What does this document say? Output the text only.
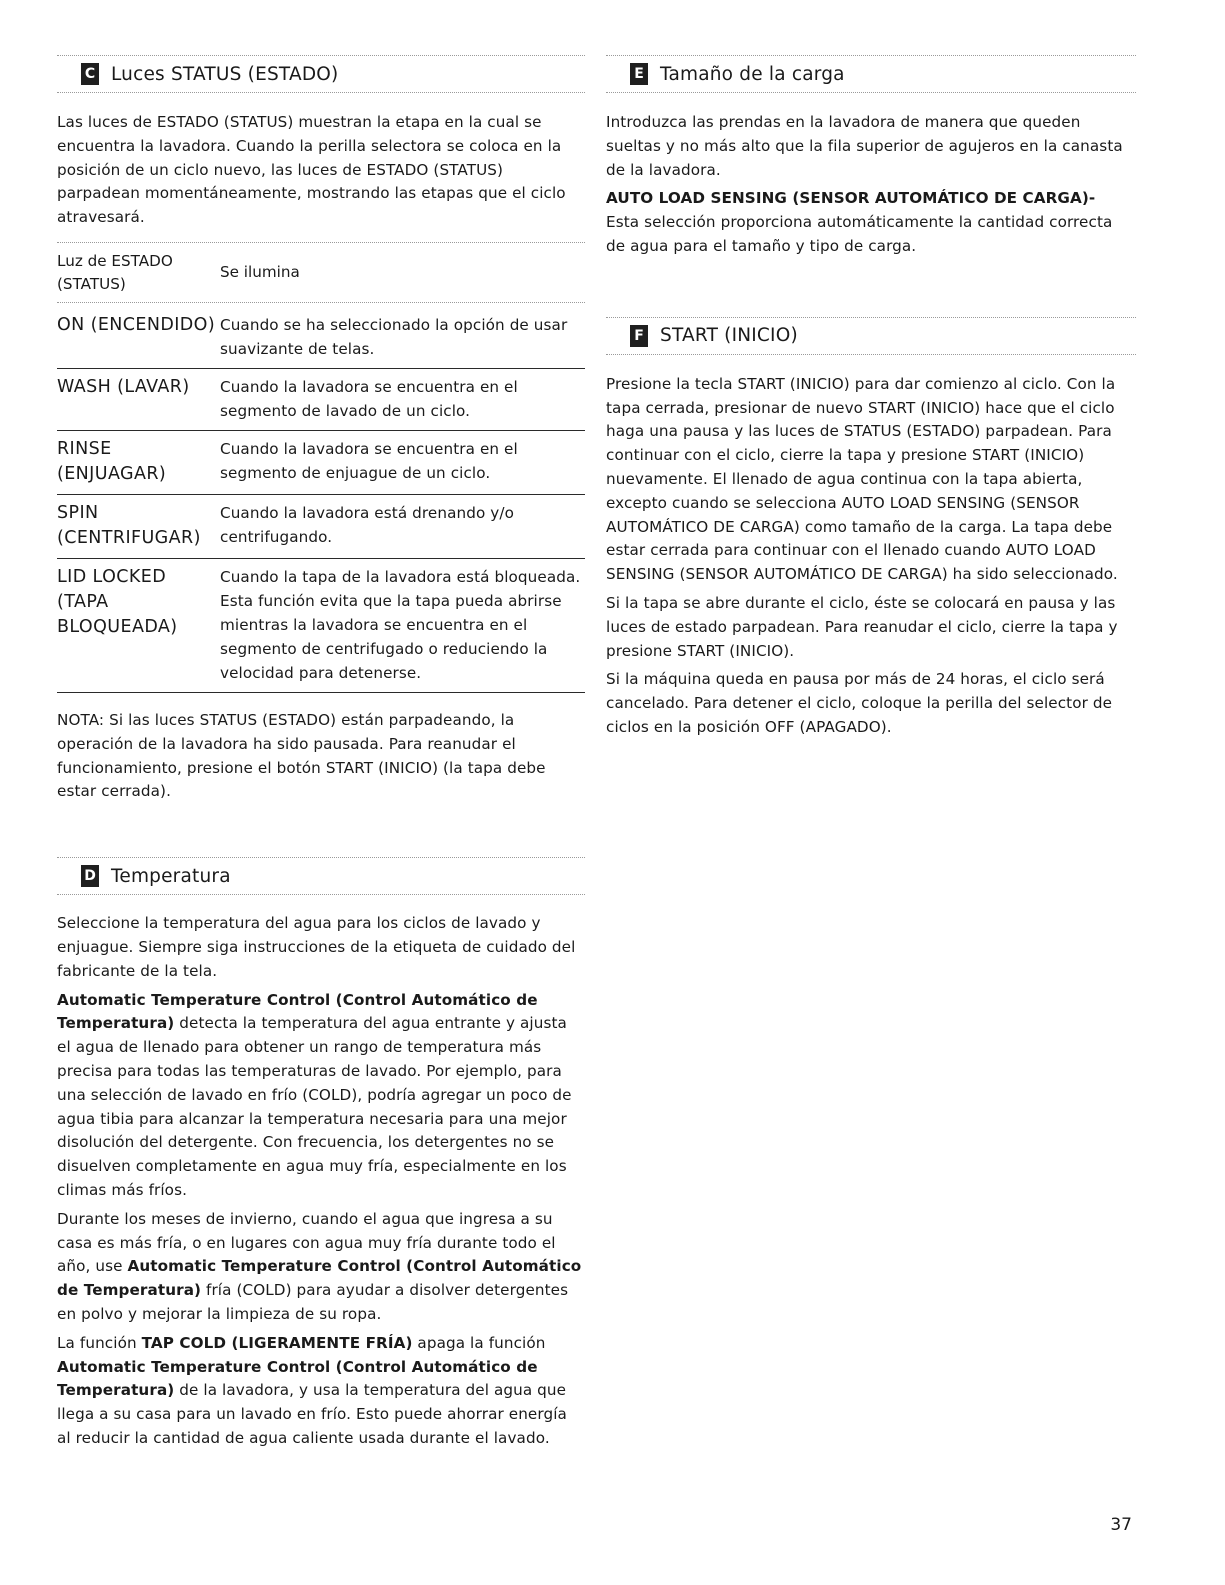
C Luces STATUS (ESTADO)

Las luces de ESTADO (STATUS) muestran la etapa en la cual se encuentra la lavadora. Cuando la perilla selectora se coloca en la posición de un ciclo nuevo, las luces de ESTADO (STATUS) parpadean momentáneamente, mostrando las etapas que el ciclo atravesará.

Luz de ESTADO (STATUS)
Se ilumina
ON (ENCENDIDO) Cuando se ha seleccionado la opción de usar suavizante de telas.
WASH (LAVAR)	Cuando la lavadora se encuentra en el segmento de lavado de un ciclo.
RINSE (ENJUAGAR)
Cuando la lavadora se encuentra en el segmento de enjuague de un ciclo.
SPIN (CENTRIFUGAR)
Cuando la lavadora está drenando y/o centrifugando.
LID LOCKED (TAPA BLOQUEADA)
Cuando la tapa de la lavadora está bloqueada. Esta función evita que la tapa pueda abrirse mientras la lavadora se encuentra en el segmento de centrifugado o reduciendo la velocidad para detenerse.

NOTA: Si las luces STATUS (ESTADO) están parpadeando, la operación de la lavadora ha sido pausada. Para reanudar el funcionamiento, presione el botón START (INICIO) (la tapa debe estar cerrada).

D Temperatura

Seleccione la temperatura del agua para los ciclos de lavado y enjuague. Siempre siga instrucciones de la etiqueta de cuidado del fabricante de la tela.

Automatic Temperature Control (Control Automático de Temperatura) detecta la temperatura del agua entrante y ajusta el agua de llenado para obtener un rango de temperatura más precisa para todas las temperaturas de lavado. Por ejemplo, para una selección de lavado en frío (COLD), podría agregar un poco de agua tibia para alcanzar la temperatura necesaria para una mejor disolución del detergente. Con frecuencia, los detergentes no se disuelven completamente en agua muy fría, especialmente en los climas más fríos.

Durante los meses de invierno, cuando el agua que ingresa a su casa es más fría, o en lugares con agua muy fría durante todo el año, use Automatic Temperature Control (Control Automático de Temperatura) fría (COLD) para ayudar a disolver detergentes en polvo y mejorar la limpieza de su ropa.

La función TAP COLD (LIGERAMENTE FRÍA) apaga la función Automatic Temperature Control (Control Automático de Temperatura) de la lavadora, y usa la temperatura del agua que llega a su casa para un lavado en frío. Esto puede ahorrar energía al reducir la cantidad de agua caliente usada durante el lavado.

E Tamaño de la carga

Introduzca las prendas en la lavadora de manera que queden sueltas y no más alto que la fila superior de agujeros en la canasta de la lavadora.

AUTO LOAD SENSING (SENSOR AUTOMÁTICO DE CARGA)-
Esta selección proporciona automáticamente la cantidad correcta de agua para el tamaño y tipo de carga.

F START (INICIO)

Presione la tecla START (INICIO) para dar comienzo al ciclo. Con la tapa cerrada, presionar de nuevo START (INICIO) hace que el ciclo haga una pausa y las luces de STATUS (ESTADO) parpadean. Para continuar con el ciclo, cierre la tapa y presione START (INICIO) nuevamente. El llenado de agua continua con la tapa abierta, excepto cuando se selecciona AUTO LOAD SENSING (SENSOR AUTOMÁTICO DE CARGA) como tamaño de la carga. La tapa debe estar cerrada para continuar con el llenado cuando AUTO LOAD SENSING (SENSOR AUTOMÁTICO DE CARGA) ha sido seleccionado.

Si la tapa se abre durante el ciclo, éste se colocará en pausa y las luces de estado parpadean. Para reanudar el ciclo, cierre la tapa y presione START (INICIO).

Si la máquina queda en pausa por más de 24 horas, el ciclo será cancelado. Para detener el ciclo, coloque la perilla del selector de ciclos en la posición OFF (APAGADO).

37
